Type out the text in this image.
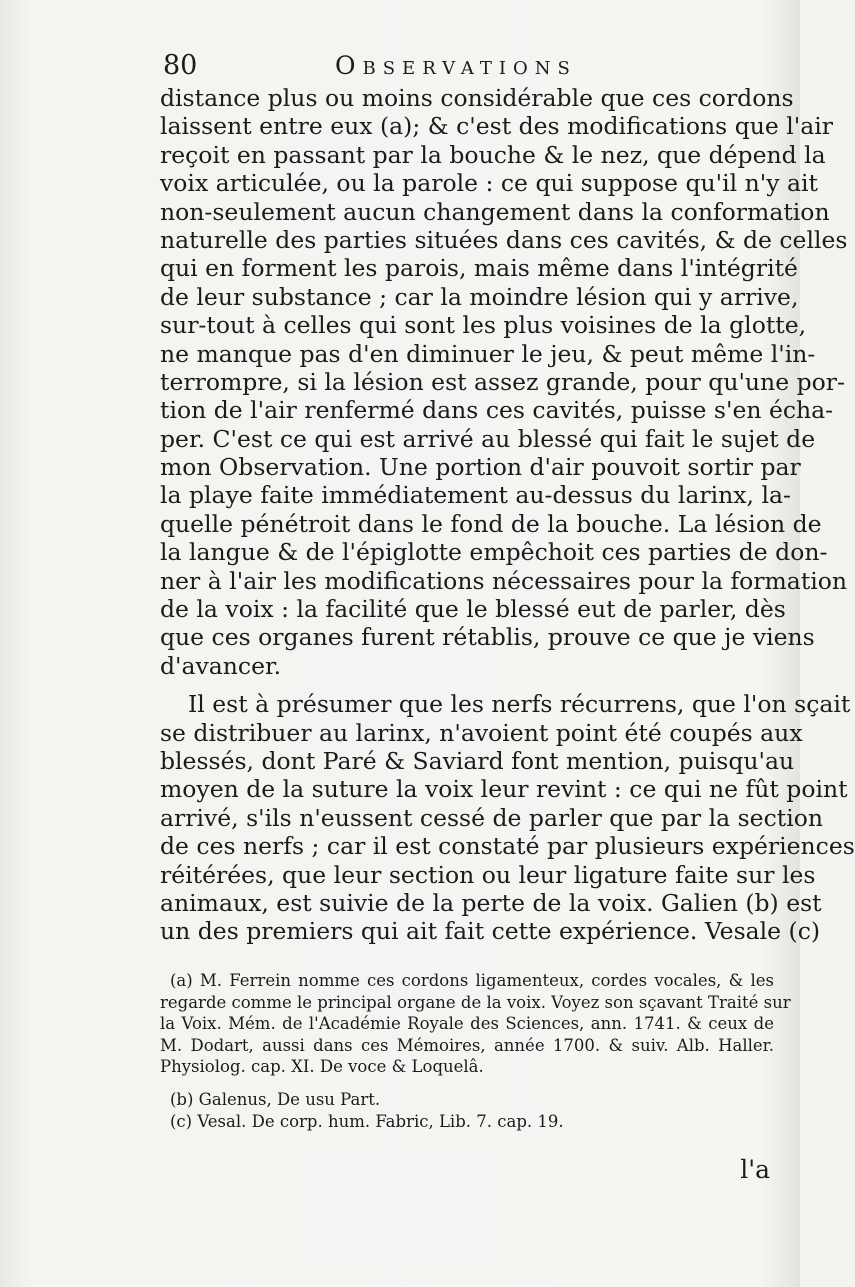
80	Observations
distance plus ou moins considérable que ces cordons
laissent entre eux (a); & c'est des modifications que l'air
reçoit en passant par la bouche & le nez, que dépend la
voix articulée, ou la parole : ce qui suppose qu'il n'y ait
non-seulement aucun changement dans la conformation
naturelle des parties situées dans ces cavités, & de celles
qui en forment les parois, mais même dans l'intégrité
de leur substance ; car la moindre lésion qui y arrive,
sur-tout à celles qui sont les plus voisines de la glotte,
ne manque pas d'en diminuer le jeu, & peut même l'in-
terrompre, si la lésion est assez grande, pour qu'une por-
tion de l'air renfermé dans ces cavités, puisse s'en écha-
per. C'est ce qui est arrivé au blessé qui fait le sujet de
mon Observation. Une portion d'air pouvoit sortir par
la playe faite immédiatement au-dessus du larinx, la-
quelle pénétroit dans le fond de la bouche. La lésion de
la langue & de l'épiglotte empêchoit ces parties de don-
ner à l'air les modifications nécessaires pour la formation
de la voix : la facilité que le blessé eut de parler, dès
que ces organes furent rétablis, prouve ce que je viens
d'avancer.
Il est à présumer que les nerfs récurrens, que l'on sçait
se distribuer au larinx, n'avoient point été coupés aux
blessés, dont Paré & Saviard font mention, puisqu'au
moyen de la suture la voix leur revint : ce qui ne fût point
arrivé, s'ils n'eussent cessé de parler que par la section
de ces nerfs ; car il est constaté par plusieurs expériences
réitérées, que leur section ou leur ligature faite sur les
animaux, est suivie de la perte de la voix. Galien (b) est
un des premiers qui ait fait cette expérience. Vesale (c)
(a) M. Ferrein nomme ces cordons ligamenteux, cordes vocales, & les
regarde comme le principal organe de la voix. Voyez son sçavant Traité sur
la Voix. Mém. de l'Académie Royale des Sciences, ann. 1741. & ceux de
M. Dodart, aussi dans ces Mémoires, année 1700. & suiv. Alb. Haller.
Physiolog. cap. XI. De voce & Loquelâ.
(b) Galenus, De usu Part.
(c) Vesal. De corp. hum. Fabric, Lib. 7. cap. 19.
l'a
